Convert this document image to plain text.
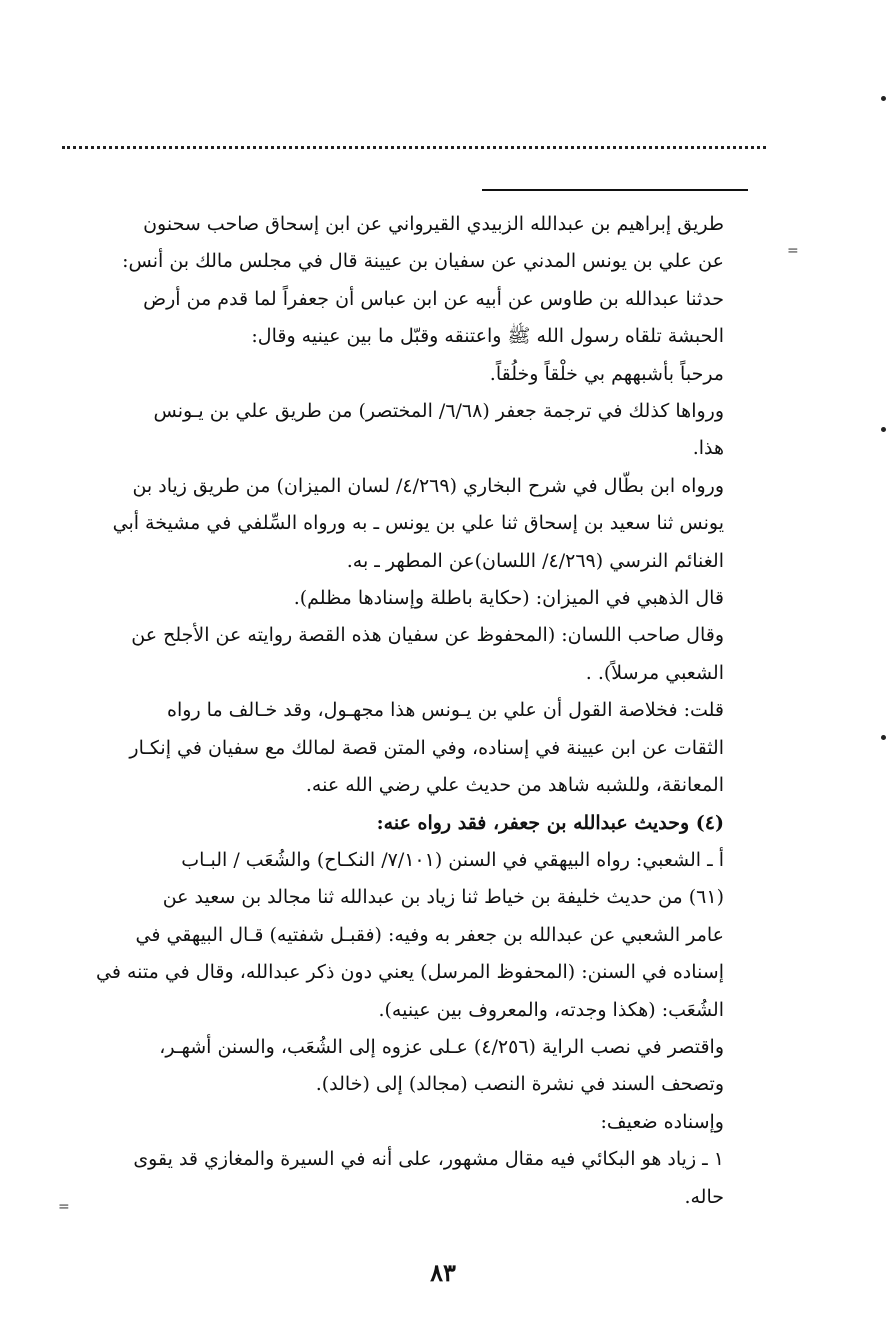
=
=

طريق إبراهيم بن عبدالله الزبيدي القيرواني عن ابن إسحاق صاحب سحنون

عن علي بن يونس المدني عن سفيان بن عيينة قال في مجلس مالك بن أنس:

حدثنا عبدالله بن طاوس عن أبيه عن ابن عباس أن جعفراً لما قدم من أرض

الحبشة تلقاه رسول الله ﷺ واعتنقه وقبّل ما بين عينيه وقال:

مرحباً بأشبههم بي خلْقاً وخلُقاً.

ورواها كذلك في ترجمة جعفر (٦/٦٨/ المختصر) من طريق علي بن يـونس

هذا.

ورواه ابن بطّال في شرح البخاري (٤/٢٦٩/ لسان الميزان) من طريق زياد بن

يونس ثنا سعيد بن إسحاق ثنا علي بن يونس ـ به ورواه السِّلفي في مشيخة أبي

الغنائم النرسي (٤/٢٦٩/ اللسان)عن المطهر ـ به.

قال الذهبي في الميزان: (حكاية باطلة وإسنادها مظلم).

وقال صاحب اللسان: (المحفوظ عن سفيان هذه القصة روايته عن الأجلح عن

الشعبي مرسلاً). .

قلت: فخلاصة القول أن علي بن يـونس هذا مجهـول، وقد خـالف ما رواه

الثقات عن ابن عيينة في إسناده، وفي المتن قصة لمالك مع سفيان في إنكـار

المعانقة، وللشبه شاهد من حديث علي رضي الله عنه.

(٤) وحديث عبدالله بن جعفر، فقد رواه عنه:

أ ـ الشعبي: رواه البيهقي في السنن (٧/١٠١/ النكـاح) والشُعَب / البـاب

(٦١) من حديث خليفة بن خياط ثنا زياد بن عبدالله ثنا مجالد بن سعيد عن

عامر الشعبي عن عبدالله بن جعفر به وفيه: (فقبـل شفتيه) قـال البيهقي في

إسناده في السنن: (المحفوظ المرسل) يعني دون ذكر عبدالله، وقال في متنه في

الشُعَب: (هكذا وجدته، والمعروف بين عينيه).

واقتصر في نصب الراية (٤/٢٥٦) عـلى عزوه إلى الشُعَب، والسنن أشهـر،

وتصحف السند في نشرة النصب (مجالد) إلى (خالد).

وإسناده ضعيف:

١ ـ زياد هو البكائي فيه مقال مشهور، على أنه في السيرة والمغازي قد يقوى

حاله.

٨٣
